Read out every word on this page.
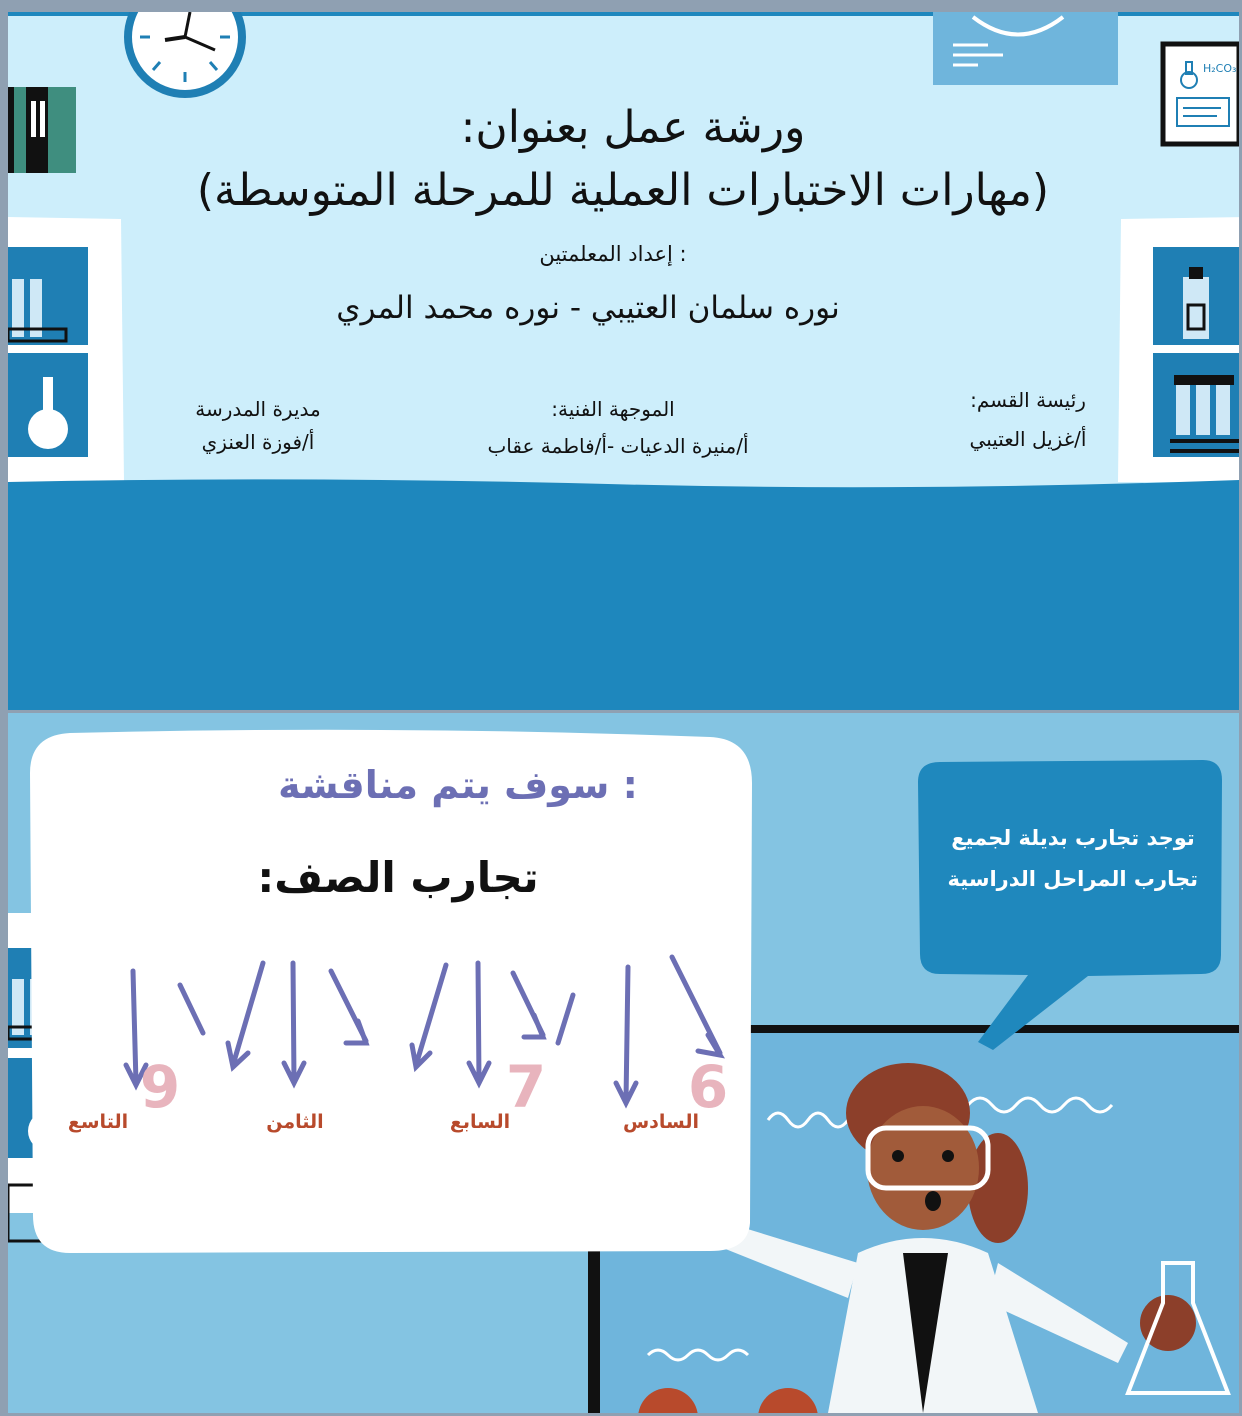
H₂CO₃
ورشة عمل بعنوان:
(مهارات الاختبارات العملية للمرحلة المتوسطة)
: إعداد المعلمتين
نوره سلمان العتيبي - نوره محمد المري
مديرة المدرسة
أ/فوزة العنزي
الموجهة الفنية:
أ/منيرة الدعيات -أ/فاطمة عقاب
رئيسة القسم:
أ/غزيل العتيبي
توجد تجارب بديلة لجميع
تجارب المراحل الدراسية
: سوف يتم مناقشة
تجارب الصف:
9	7 6
التاسع	الثامن	السابع	السادس
